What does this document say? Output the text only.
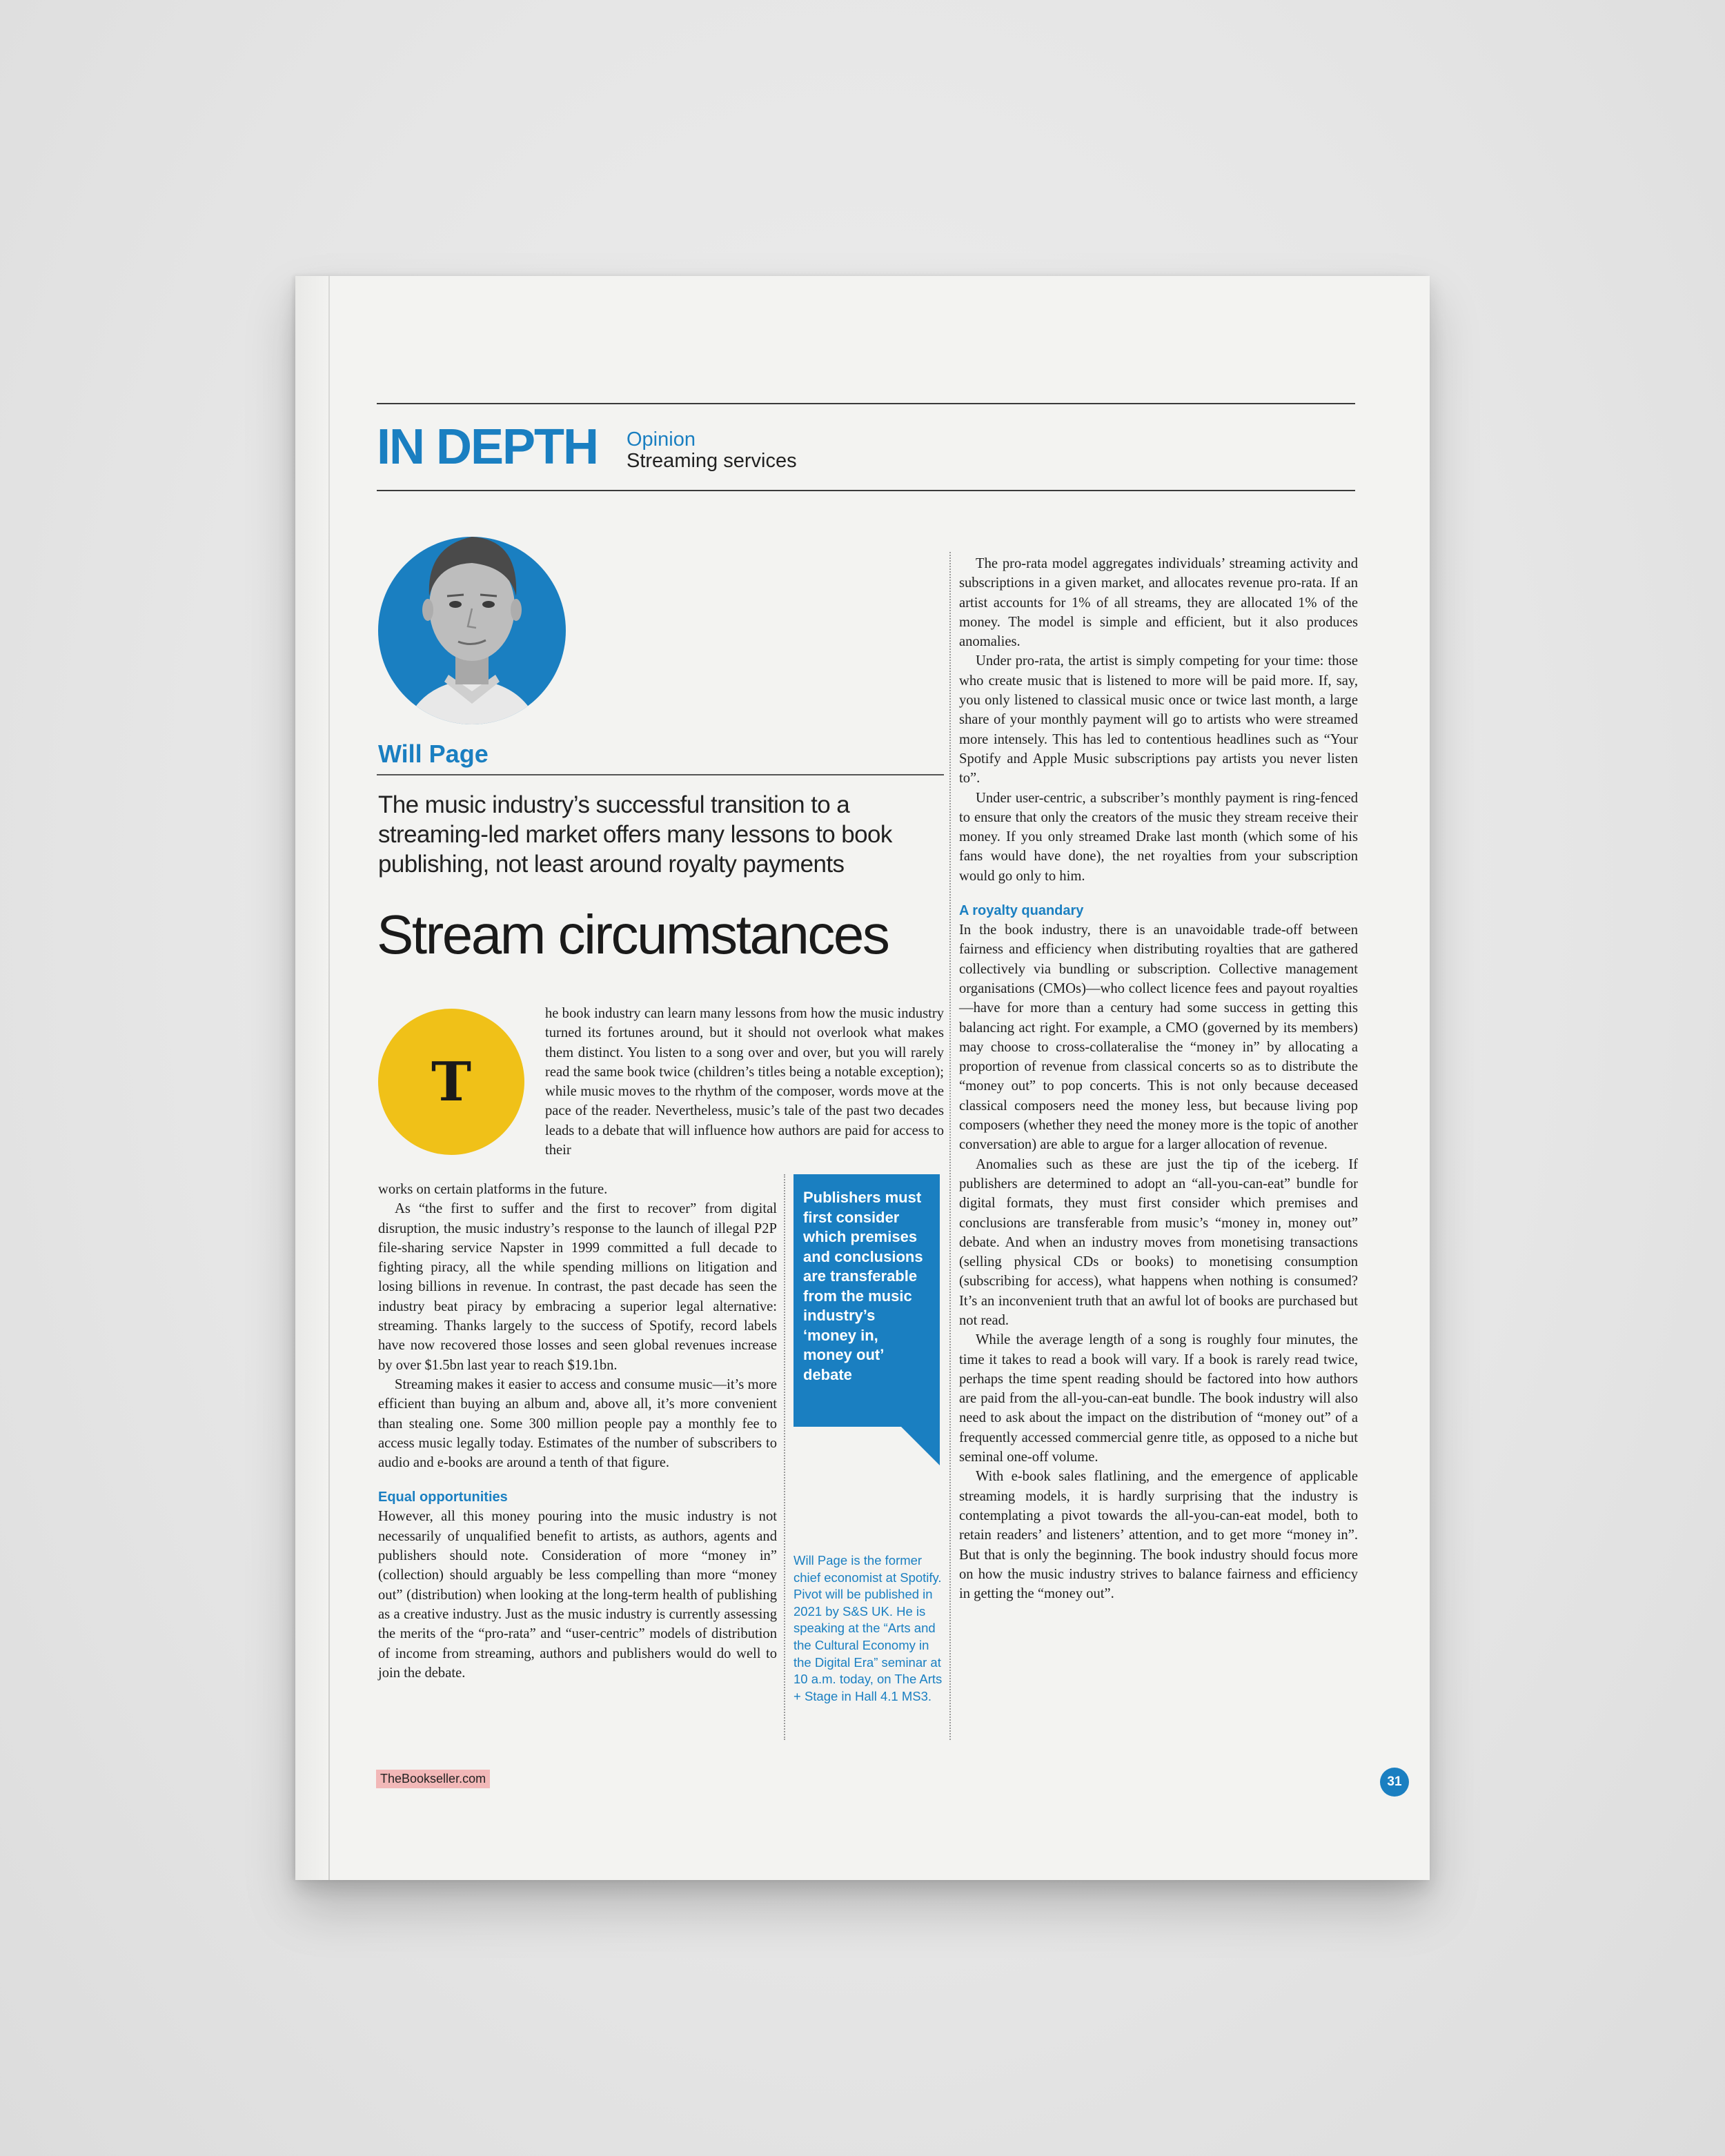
IN DEPTH Opinion
Streaming services
Will Page
The music industry’s successful transition to a streaming-led market offers many lessons to book publishing, not least around royalty payments
Stream circumstances
T

he book industry can learn many lessons from how the music industry turned its fortunes around, but it should not overlook what makes them distinct. You listen to a song over and over, but you will rarely read the same book twice (children’s titles being a notable exception); while music moves to the rhythm of the composer, words move at the pace of the reader. Nevertheless, music’s tale of the past two decades leads to a debate that will influence how authors are paid for access to their

works on certain platforms in the future.

As “the first to suffer and the first to recover” from digital disruption, the music industry’s response to the launch of illegal P2P file-sharing service Napster in 1999 committed a full decade to fighting piracy, all the while spending millions on litigation and losing billions in revenue. In contrast, the past decade has seen the industry beat piracy by embracing a superior legal alternative: streaming. Thanks largely to the success of Spotify, record labels have now recovered those losses and seen global revenues increase by over $1.5bn last year to reach $19.1bn.

Streaming makes it easier to access and consume music—it’s more efficient than buying an album and, above all, it’s more convenient than stealing one. Some 300 million people pay a monthly fee to access music legally today. Estimates of the number of subscribers to audio and e-books are around a tenth of that figure.

Equal opportunities

However, all this money pouring into the music industry is not necessarily of unqualified benefit to artists, as authors, agents and publishers should note. Consideration of more “money in” (collection) should arguably be less compelling than more “money out” (distribution) when looking at the long-term health of publishing as a creative industry. Just as the music industry is currently assessing the merits of the “pro-rata” and “user-centric” models of distribution of income from streaming, authors and publishers would do well to join the debate.

Publishers must first consider which premises and conclusions are transferable from the music industry’s ‘money in, money out’ debate
Will Page is the former chief economist at Spotify. Pivot will be published in 2021 by S&S UK. He is speaking at the “Arts and the Cultural Economy in the Digital Era” seminar at 10 a.m. today, on The Arts + Stage in Hall 4.1 MS3.

The pro-rata model aggregates individuals’ streaming activity and subscriptions in a given market, and allocates revenue pro-rata. If an artist accounts for 1% of all streams, they are allocated 1% of the money. The model is simple and efficient, but it also produces anomalies.

Under pro-rata, the artist is simply competing for your time: those who create music that is listened to more will be paid more. If, say, you only listened to classical music once or twice last month, a large share of your monthly payment will go to artists who were streamed more intensely. This has led to contentious headlines such as “Your Spotify and Apple Music subscriptions pay artists you never listen to”.

Under user-centric, a subscriber’s monthly payment is ring-fenced to ensure that only the creators of the music they stream receive their money. If you only streamed Drake last month (which some of his fans would have done), the net royalties from your subscription would go only to him.

A royalty quandary

In the book industry, there is an unavoidable trade-off between fairness and efficiency when distributing royalties that are gathered collectively via bundling or subscription. Collective management organisations (CMOs)—who collect licence fees and payout royalties—have for more than a century had some success in getting this balancing act right. For example, a CMO (governed by its members) may choose to cross-collateralise the “money in” by allocating a proportion of revenue from classical concerts so as to distribute the “money out” to pop concerts. This is not only because deceased classical composers need the money less, but because living pop composers (whether they need the money more is the topic of another conversation) are able to argue for a larger allocation of revenue.

Anomalies such as these are just the tip of the iceberg. If publishers are determined to adopt an “all-you-can-eat” bundle for digital formats, they must first consider which premises and conclusions are transferable from music’s “money in, money out” debate. And when an industry moves from monetising transactions (selling physical CDs or books) to monetising consumption (subscribing for access), what happens when nothing is consumed? It’s an inconvenient truth that an awful lot of books are purchased but not read.

While the average length of a song is roughly four minutes, the time it takes to read a book will vary. If a book is rarely read twice, perhaps the time spent reading should be factored into how authors are paid from the all-you-can-eat bundle. The book industry will also need to ask about the impact on the distribution of “money out” of a frequently accessed commercial genre title, as opposed to a niche but seminal one-off volume.

With e-book sales flatlining, and the emergence of applicable streaming models, it is hardly surprising that the industry is contemplating a pivot towards the all-you-can-eat model, both to retain readers’ and listeners’ attention, and to get more “money in”. But that is only the beginning. The book industry should focus more on how the music industry strives to balance fairness and efficiency in getting the “money out”.

TheBookseller.com	31
